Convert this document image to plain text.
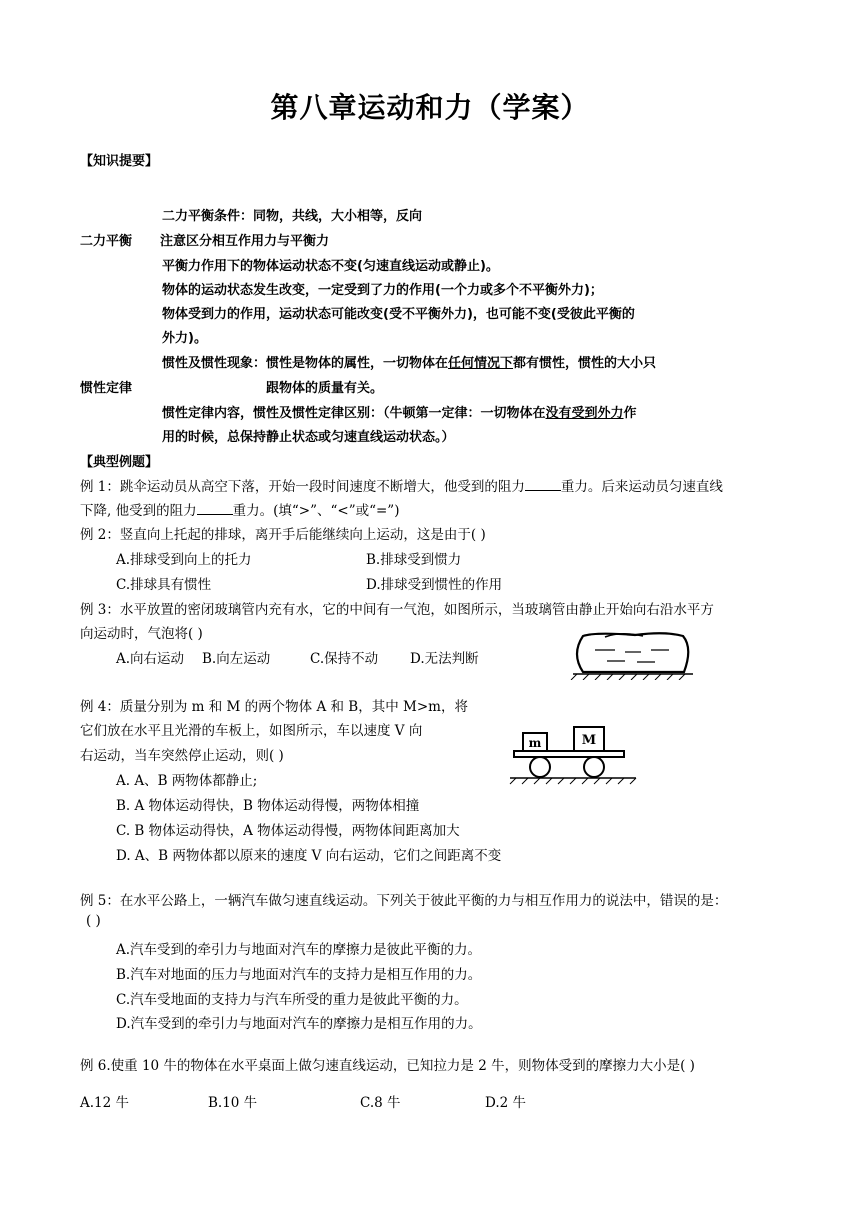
第八章运动和力（学案）
【知识提要】
二力平衡
二力平衡条件：同物，共线，大小相等，反向
注意区分相互作用力与平衡力
平衡力作用下的物体运动状态不变(匀速直线运动或静止)。
物体的运动状态发生改变，一定受到了力的作用(一个力或多个不平衡外力)；
物体受到力的作用，运动状态可能改变(受不平衡外力)，也可能不变(受彼此平衡的
外力)。
惯性定律
惯性及惯性现象：惯性是物体的属性，一切物体在任何情况下都有惯性，惯性的大小只
跟物体的质量有关。
惯性定律内容，惯性及惯性定律区别：（牛顿第一定律：一切物体在没有受到外力作
用的时候，总保持静止状态或匀速直线运动状态。）
【典型例题】
例 1：跳伞运动员从高空下落，开始一段时间速度不断增大，他受到的阻力	重力。后来运动员匀速直线
下降, 他受到的阻力	重力。(填“>”、“<”或“=”)
例 2：竖直向上托起的排球，离开手后能继续向上运动，这是由于( )
A.排球受到向上的托力	B.排球受到惯力
C.排球具有惯性	D.排球受到惯性的作用
例 3：水平放置的密闭玻璃管内充有水，它的中间有一气泡，如图所示，当玻璃管由静止开始向右沿水平方
向运动时，气泡将( )
A.向右运动 B.向左运动	C.保持不动 D.无法判断
例 4：质量分别为 m 和 M 的两个物体 A 和 B，其中 M>m，将
它们放在水平且光滑的车板上，如图所示，车以速度 V 向
右运动，当车突然停止运动，则( )
A. A、B 两物体都静止;
B. A 物体运动得快，B 物体运动得慢，两物体相撞
C. B 物体运动得快，A 物体运动得慢，两物体间距离加大
D. A、B 两物体都以原来的速度 V 向右运动，它们之间距离不变
m	M
例 5：在水平公路上，一辆汽车做匀速直线运动。下列关于彼此平衡的力与相互作用力的说法中，错误的是：
( )
A.汽车受到的牵引力与地面对汽车的摩擦力是彼此平衡的力。
B.汽车对地面的压力与地面对汽车的支持力是相互作用的力。
C.汽车受地面的支持力与汽车所受的重力是彼此平衡的力。
D.汽车受到的牵引力与地面对汽车的摩擦力是相互作用的力。
例 6.使重 10 牛的物体在水平桌面上做匀速直线运动，已知拉力是 2 牛，则物体受到的摩擦力大小是( )
A.12 牛	B.10 牛	C.8 牛	D.2 牛
